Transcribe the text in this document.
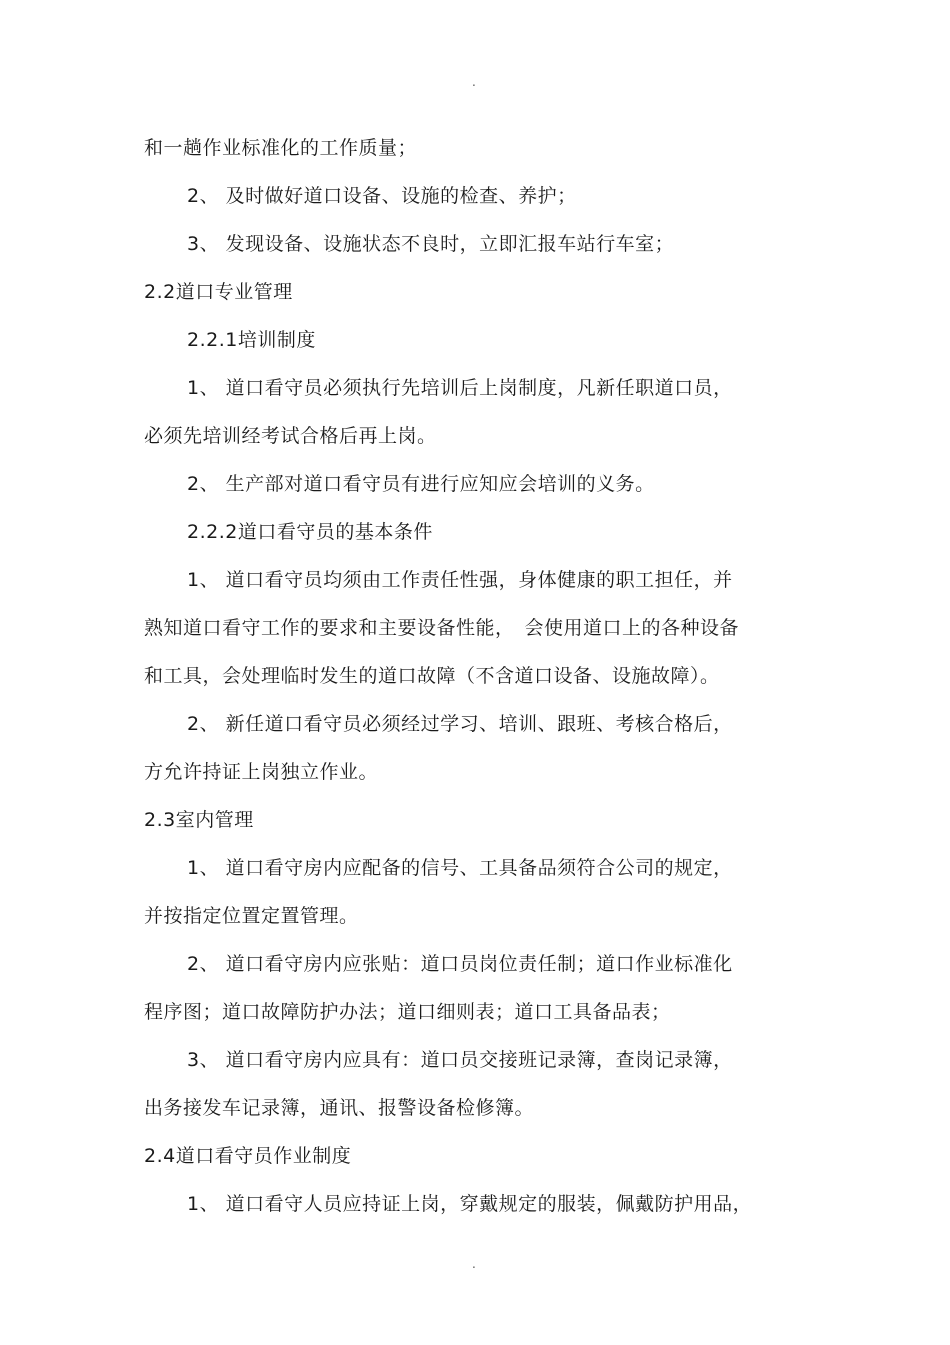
.
和一趟作业标准化的工作质量；
2、 及时做好道口设备、设施的检查、养护；
3、 发现设备、设施状态不良时，立即汇报车站行车室；
2.2道口专业管理
2.2.1培训制度
1、 道口看守员必须执行先培训后上岗制度，凡新任职道口员，
必须先培训经考试合格后再上岗。
2、 生产部对道口看守员有进行应知应会培训的义务。
2.2.2道口看守员的基本条件
1、 道口看守员均须由工作责任性强，身体健康的职工担任，并
熟知道口看守工作的要求和主要设备性能，　会使用道口上的各种设备
和工具，会处理临时发生的道口故障（不含道口设备、设施故障）。
2、 新任道口看守员必须经过学习、培训、跟班、考核合格后，
方允许持证上岗独立作业。
2.3室内管理
1、 道口看守房内应配备的信号、工具备品须符合公司的规定，
并按指定位置定置管理。
2、 道口看守房内应张贴：道口员岗位责任制；道口作业标准化
程序图；道口故障防护办法；道口细则表；道口工具备品表；
3、 道口看守房内应具有：道口员交接班记录簿，查岗记录簿，
出务接发车记录簿，通讯、报警设备检修簿。
2.4道口看守员作业制度
1、 道口看守人员应持证上岗，穿戴规定的服装，佩戴防护用品，
.
